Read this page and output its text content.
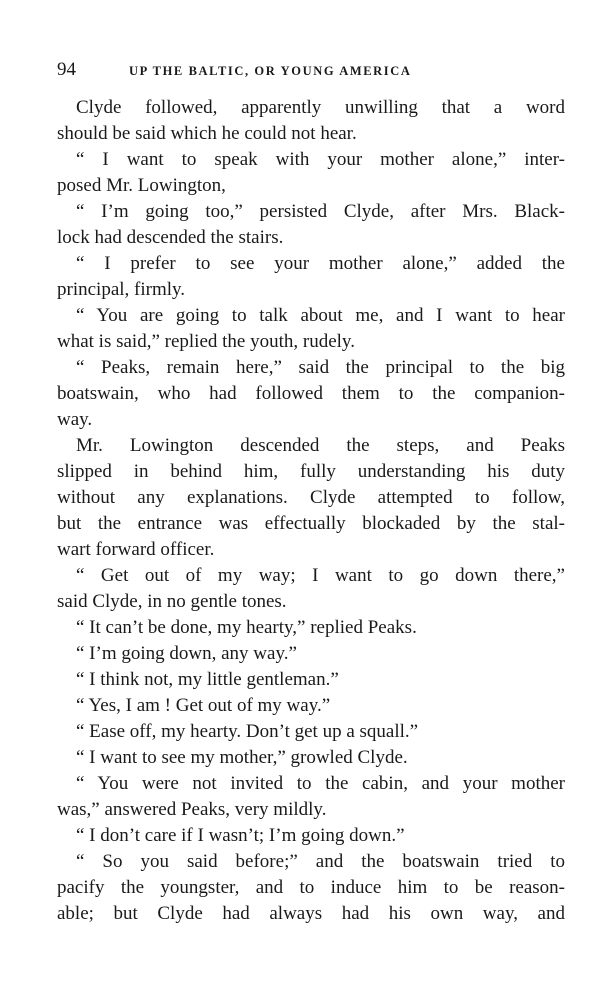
94	UP THE BALTIC, OR YOUNG AMERICA
Clyde followed, apparently unwilling that a word
should be said which he could not hear.
“ I want to speak with your mother alone,” inter-
posed Mr. Lowington,
“ I’m going too,” persisted Clyde, after Mrs. Black-
lock had descended the stairs.
“ I prefer to see your mother alone,” added the
principal, firmly.
“ You are going to talk about me, and I want to hear
what is said,” replied the youth, rudely.
“ Peaks, remain here,” said the principal to the big
boatswain, who had followed them to the companion-
way.
Mr. Lowington descended the steps, and Peaks
slipped in behind him, fully understanding his duty
without any explanations. Clyde attempted to follow,
but the entrance was effectually blockaded by the stal-
wart forward officer.
“ Get out of my way; I want to go down there,”
said Clyde, in no gentle tones.
“ It can’t be done, my hearty,” replied Peaks.
“ I’m going down, any way.”
“ I think not, my little gentleman.”
“ Yes, I am ! Get out of my way.”
“ Ease off, my hearty. Don’t get up a squall.”
“ I want to see my mother,” growled Clyde.
“ You were not invited to the cabin, and your mother
was,” answered Peaks, very mildly.
“ I don’t care if I wasn’t; I’m going down.”
“ So you said before;” and the boatswain tried to
pacify the youngster, and to induce him to be reason-
able; but Clyde had always had his own way, and
